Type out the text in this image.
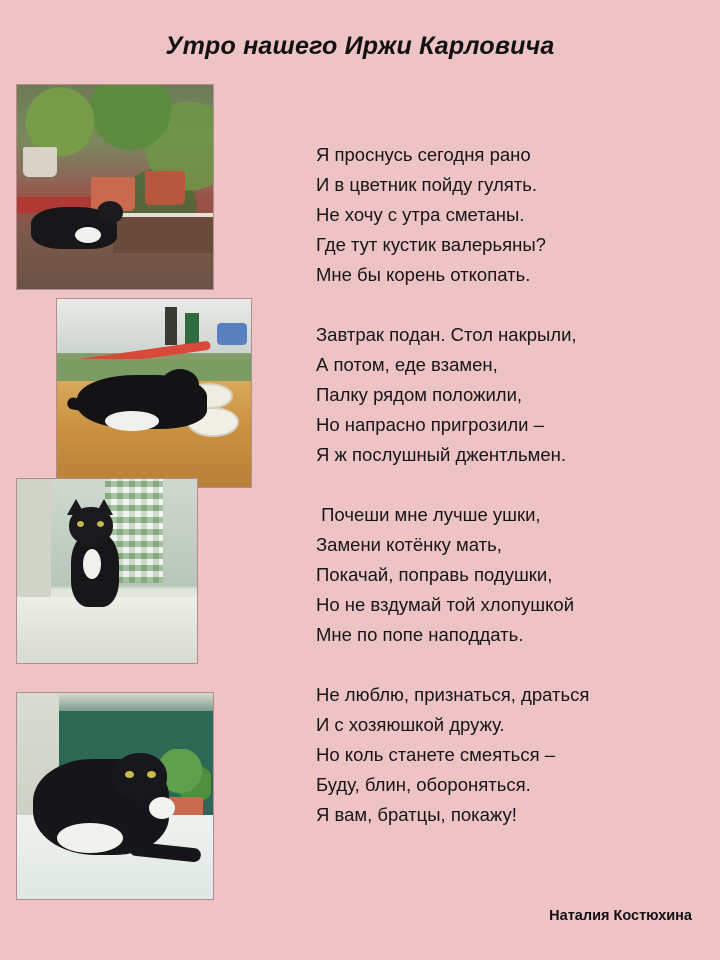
Утро нашего Иржи Карловича
Я проснусь сегодня рано
И в цветник пойду гулять.
Не хочу с утра сметаны.
Где тут кустик валерьяны?
Мне бы корень откопать.
Завтрак подан. Стол накрыли,
А потом, еде взамен,
Палку рядом положили,
Но напрасно пригрозили –
Я ж послушный джентльмен.
Почеши мне лучше ушки,
Замени котёнку мать,
Покачай, поправь подушки,
Но не вздумай той хлопушкой
Мне по попе наподдать.
Не люблю, признаться, драться
И с хозяюшкой дружу.
Но коль станете смеяться –
Буду, блин, обороняться.
Я вам, братцы, покажу!
Наталия Костюхина
